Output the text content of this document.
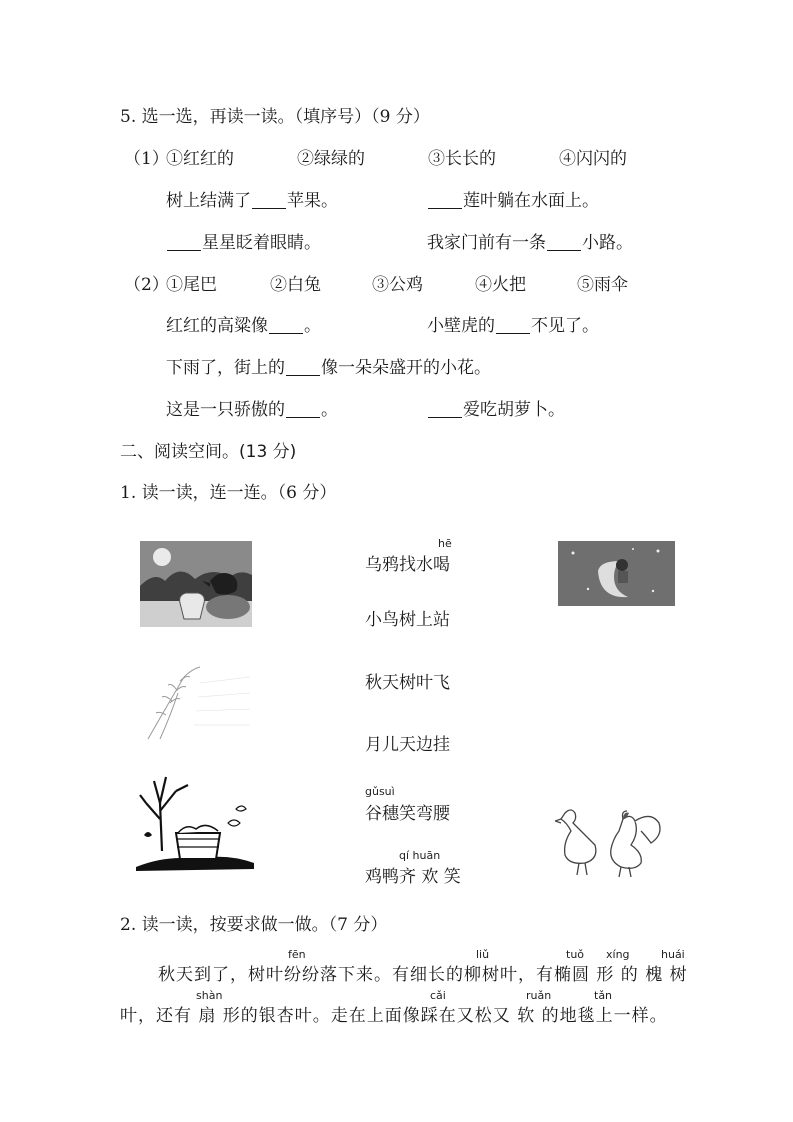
5. 选一选，再读一读。（填序号）（9 分）
（1）
①红红的	②绿绿的	③长长的	④闪闪的
树上结满了 苹果。	莲叶躺在水面上。
星星眨着眼睛。	我家门前有一条 小路。
（2）
①尾巴	②白兔	③公鸡	④火把	⑤雨伞
红红的高粱像 。	小壁虎的 不见了。
下雨了，街上的 像一朵朵盛开的小花。
这是一只骄傲的 。	爱吃胡萝卜。
二、阅读空间。(13 分)
1. 读一读，连一连。（6 分）
hē
乌鸦找水喝
小鸟树上站
秋天树叶飞
月儿天边挂
gǔsuì
谷穗笑弯腰
qí huān
鸡鸭齐 欢 笑
2. 读一读，按要求做一做。（7 分）
fēn	liǔ	tuǒ xíng	huái
秋天到了，树叶纷纷落下来。有细长的柳树叶，有椭圆 形 的 槐 树
shàn	cǎi	ruǎn	tǎn
叶，还有 扇 形的银杏叶。走在上面像踩在又松又 软 的地毯上一样。
